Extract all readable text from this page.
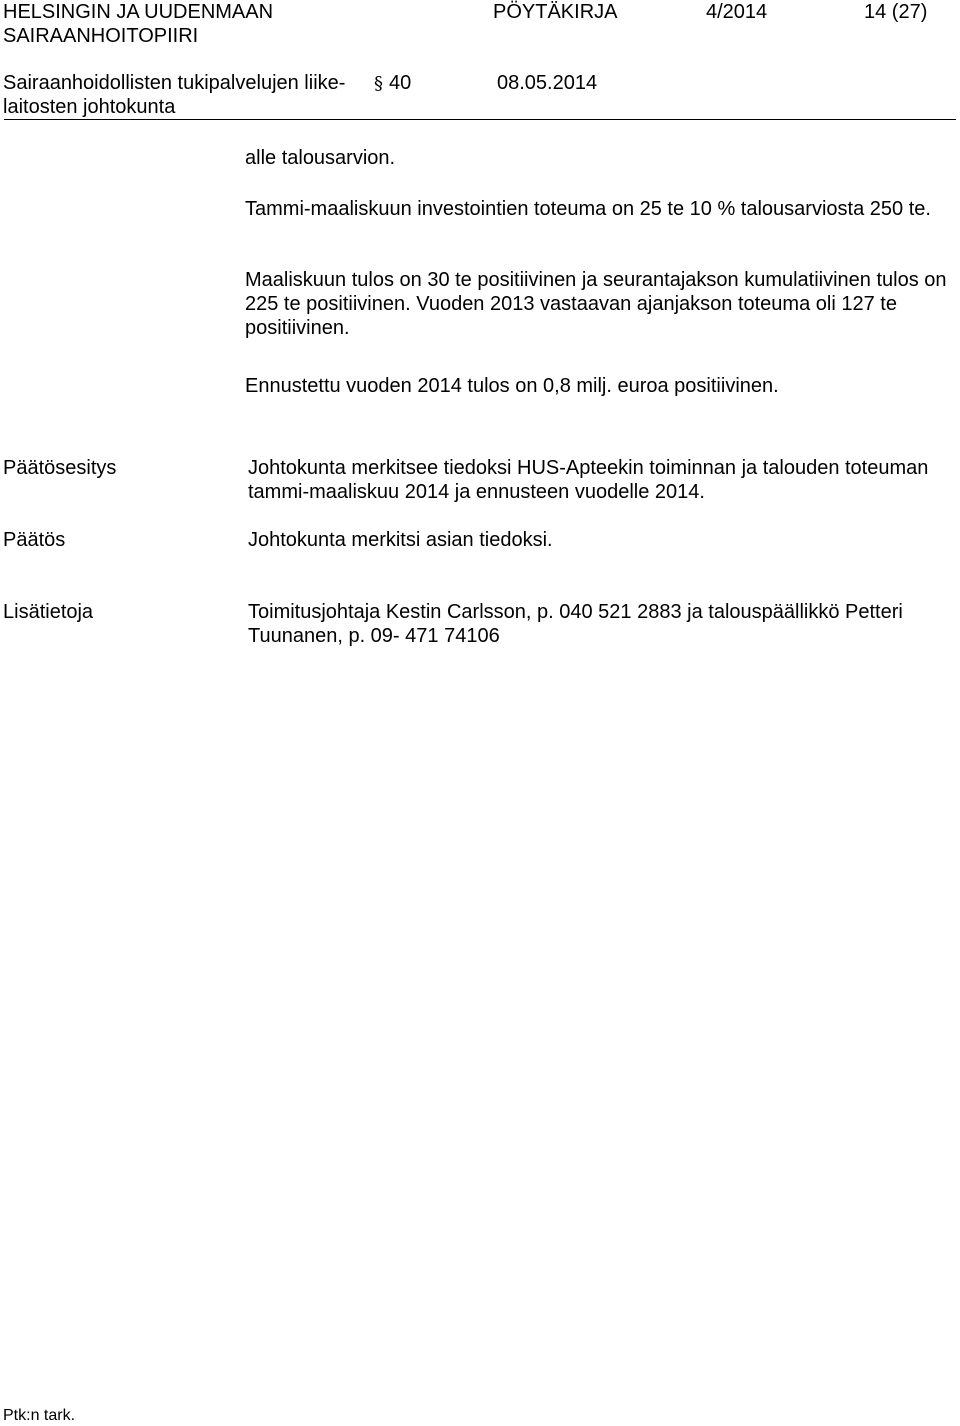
HELSINGIN JA UUDENMAAN
SAIRAANHOITOPIIRI
PÖYTÄKIRJA	4/2014	14 (27)
Sairaanhoidollisten tukipalvelujen liike-
laitosten johtokunta
§ 40	08.05.2014
alle talousarvion.
Tammi-maaliskuun investointien toteuma on 25 te 10 % talousarviosta 250 te.
Maaliskuun tulos on 30 te positiivinen ja seurantajakson kumulatiivinen tulos on 225 te positiivinen. Vuoden 2013 vastaavan ajanjakson toteuma oli 127 te positiivinen.
Ennustettu vuoden 2014 tulos on 0,8 milj. euroa positiivinen.
Päätösesitys	Johtokunta merkitsee tiedoksi HUS-Apteekin toiminnan ja talouden toteuman tammi-maaliskuu 2014 ja ennusteen vuodelle 2014.
Päätös	Johtokunta merkitsi asian tiedoksi.
Lisätietoja	Toimitusjohtaja Kestin Carlsson, p. 040 521 2883 ja talouspäällikkö Petteri Tuunanen, p. 09- 471 74106
Ptk:n tark.
